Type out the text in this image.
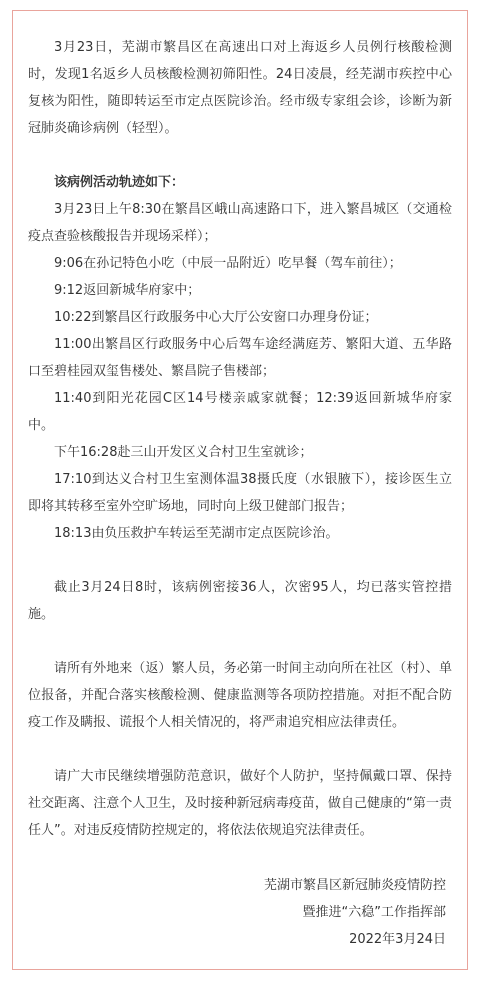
3月23日，芜湖市繁昌区在高速出口对上海返乡人员例行核酸检测时，发现1名返乡人员核酸检测初筛阳性。24日凌晨，经芜湖市疾控中心复核为阳性，随即转运至市定点医院诊治。经市级专家组会诊，诊断为新冠肺炎确诊病例（轻型）。

该病例活动轨迹如下：

3月23日上午8:30在繁昌区峨山高速路口下，进入繁昌城区（交通检疫点查验核酸报告并现场采样）；

9:06在孙记特色小吃（中辰一品附近）吃早餐（驾车前往）；

9:12返回新城华府家中；

10:22到繁昌区行政服务中心大厅公安窗口办理身份证；

11:00出繁昌区行政服务中心后驾车途经满庭芳、繁阳大道、五华路口至碧桂园双玺售楼处、繁昌院子售楼部；

11:40到阳光花园C区14号楼亲戚家就餐；12:39返回新城华府家中。

下午16:28赴三山开发区义合村卫生室就诊；

17:10到达义合村卫生室测体温38摄氏度（水银腋下），接诊医生立即将其转移至室外空旷场地，同时向上级卫健部门报告；

18:13由负压救护车转运至芜湖市定点医院诊治。

截止3月24日8时，该病例密接36人，次密95人，均已落实管控措施。

请所有外地来（返）繁人员，务必第一时间主动向所在社区（村）、单位报备，并配合落实核酸检测、健康监测等各项防控措施。对拒不配合防疫工作及瞒报、谎报个人相关情况的，将严肃追究相应法律责任。

请广大市民继续增强防范意识，做好个人防护，坚持佩戴口罩、保持社交距离、注意个人卫生，及时接种新冠病毒疫苗，做自己健康的“第一责任人”。对违反疫情防控规定的，将依法依规追究法律责任。

芜湖市繁昌区新冠肺炎疫情防控
暨推进“六稳”工作指挥部
2022年3月24日
